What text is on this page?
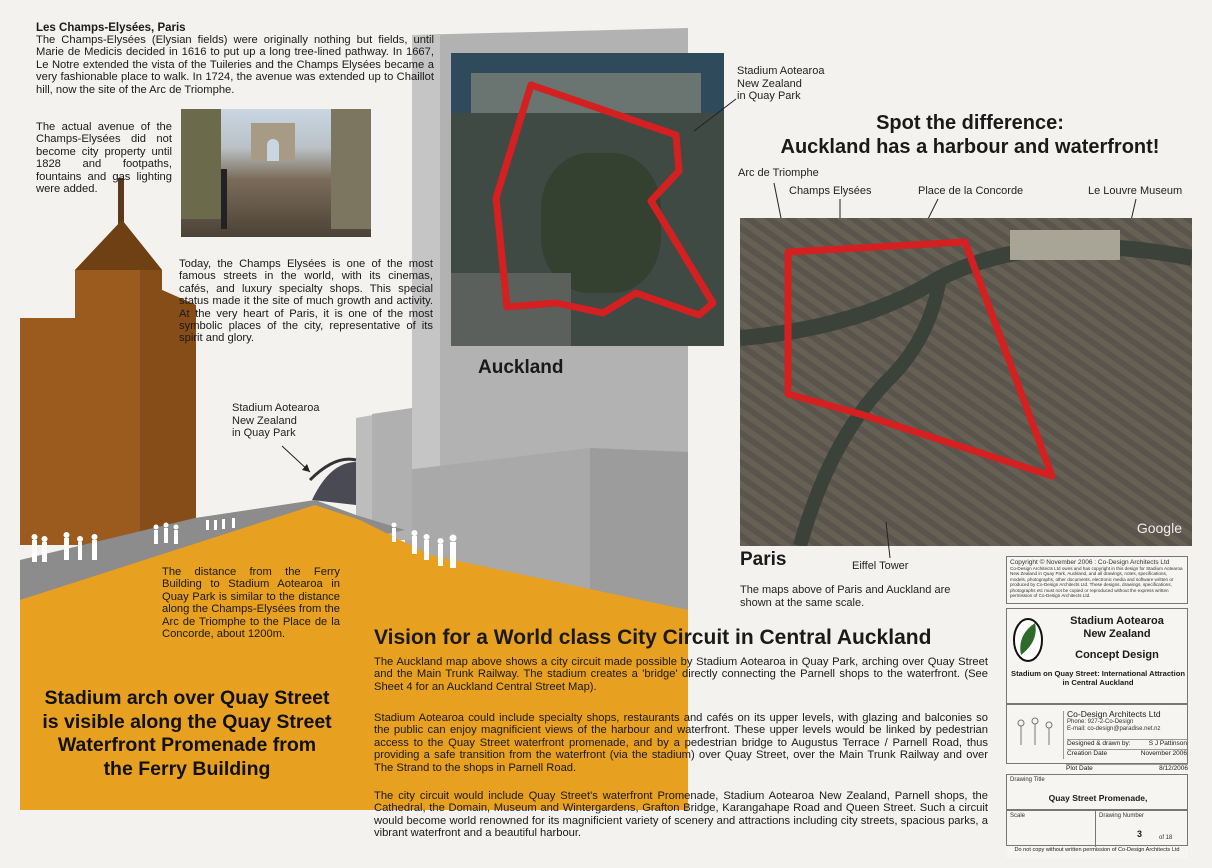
Les Champs-Elysées, Paris
The Champs-Elysées (Elysian fields) were originally nothing but fields, until Marie de Medicis decided in 1616 to put up a long tree-lined pathway. In 1667, Le Notre extended the vista of the Tuileries and the Champs Elysées became a very fashionable place to walk. In 1724, the avenue was extended up to Chaillot hill, now the site of the Arc de Triomphe.
The actual avenue of the Champs-Elysées did not become city property until 1828 and footpaths, fountains and gas lighting were added.
Today, the Champs Elysées is one of the most famous streets in the world, with its cinemas, cafés, and luxury specialty shops. This special status made it the site of much growth and activity. At the very heart of Paris, it is one of the most symbolic places of the city, representative of its spirit and glory.
Stadium Aotearoa
New Zealand
in Quay Park
Auckland
Spot the difference:
Auckland has a harbour and waterfront!
Arc de Triomphe
Champs Elysées	Place de la Concorde	Le Louvre Museum
Google
Paris	Eiffel Tower
The maps above of Paris and Auckland are shown at the same scale.
Stadium Aotearoa
New Zealand
in Quay Park
The distance from the Ferry Building to Stadium Aotearoa in Quay Park is similar to the distance along the Champs-Elysées from the Arc de Triomphe to the Place de la Concorde, about 1200m.
Stadium arch over Quay Street
is visible along the Quay Street
Waterfront Promenade from
the Ferry Building
Vision for a World class City Circuit in Central Auckland
The Auckland map above shows a city circuit made possible by Stadium Aotearoa in Quay Park, arching over Quay Street and the Main Trunk Railway. The stadium creates a 'bridge' directly connecting the Parnell shops to the waterfront. (See Sheet 4 for an Auckland Central Street Map).
Stadium Aotearoa could include specialty shops, restaurants and cafés on its upper levels, with glazing and balconies so the public can enjoy magnificient views of the harbour and waterfront. These upper levels would be linked by pedestrian access to the Quay Street waterfront promenade, and by a pedestrian bridge to Augustus Terrace / Parnell Road, thus providing a safe transition from the waterfront (via the stadium) over Quay Street, over the Main Trunk Railway and over The Strand to the shops in Parnell Road.
The city circuit would include Quay Street's waterfront Promenade, Stadium Aotearoa New Zealand, Parnell shops, the Cathedral, the Domain, Museum and Wintergardens, Grafton Bridge, Karangahape Road and Queen Street. Such a circuit would become world renowned for its magnificient variety of scenery and attractions including city streets, spacious parks, a vibrant waterfront and a beautiful harbour.
Copyright © November 2006 : Co-Design Architects Ltd
Co-Design Architects Ltd owns and has copyright in this design for Stadium Aotearoa New Zealand in Quay Park, Auckland, and all drawings, notes, specifications, models, photographs, other documents, electronic media and software written or produced by Co-Design Architects Ltd. These designs, drawings, specifications, photographs etc must not be copied or reproduced without the express written permission of Co-Design Architects Ltd.
Stadium Aotearoa
New Zealand
Concept Design
Stadium on Quay Street: International Attraction in Central Auckland
Co-Design Architects Ltd
Phone: 927-2-Co-Design
E-mail: co-design@paradise.net.nz
Designed & drawn by:	S J Pattinson
Creation Date	November 2006
Plot Date	8/12/2006
Drawing Title
Quay Street Promenade,
Scale	Drawing Number
3	of 18
Do not copy without written permission of Co-Design Architects Ltd
